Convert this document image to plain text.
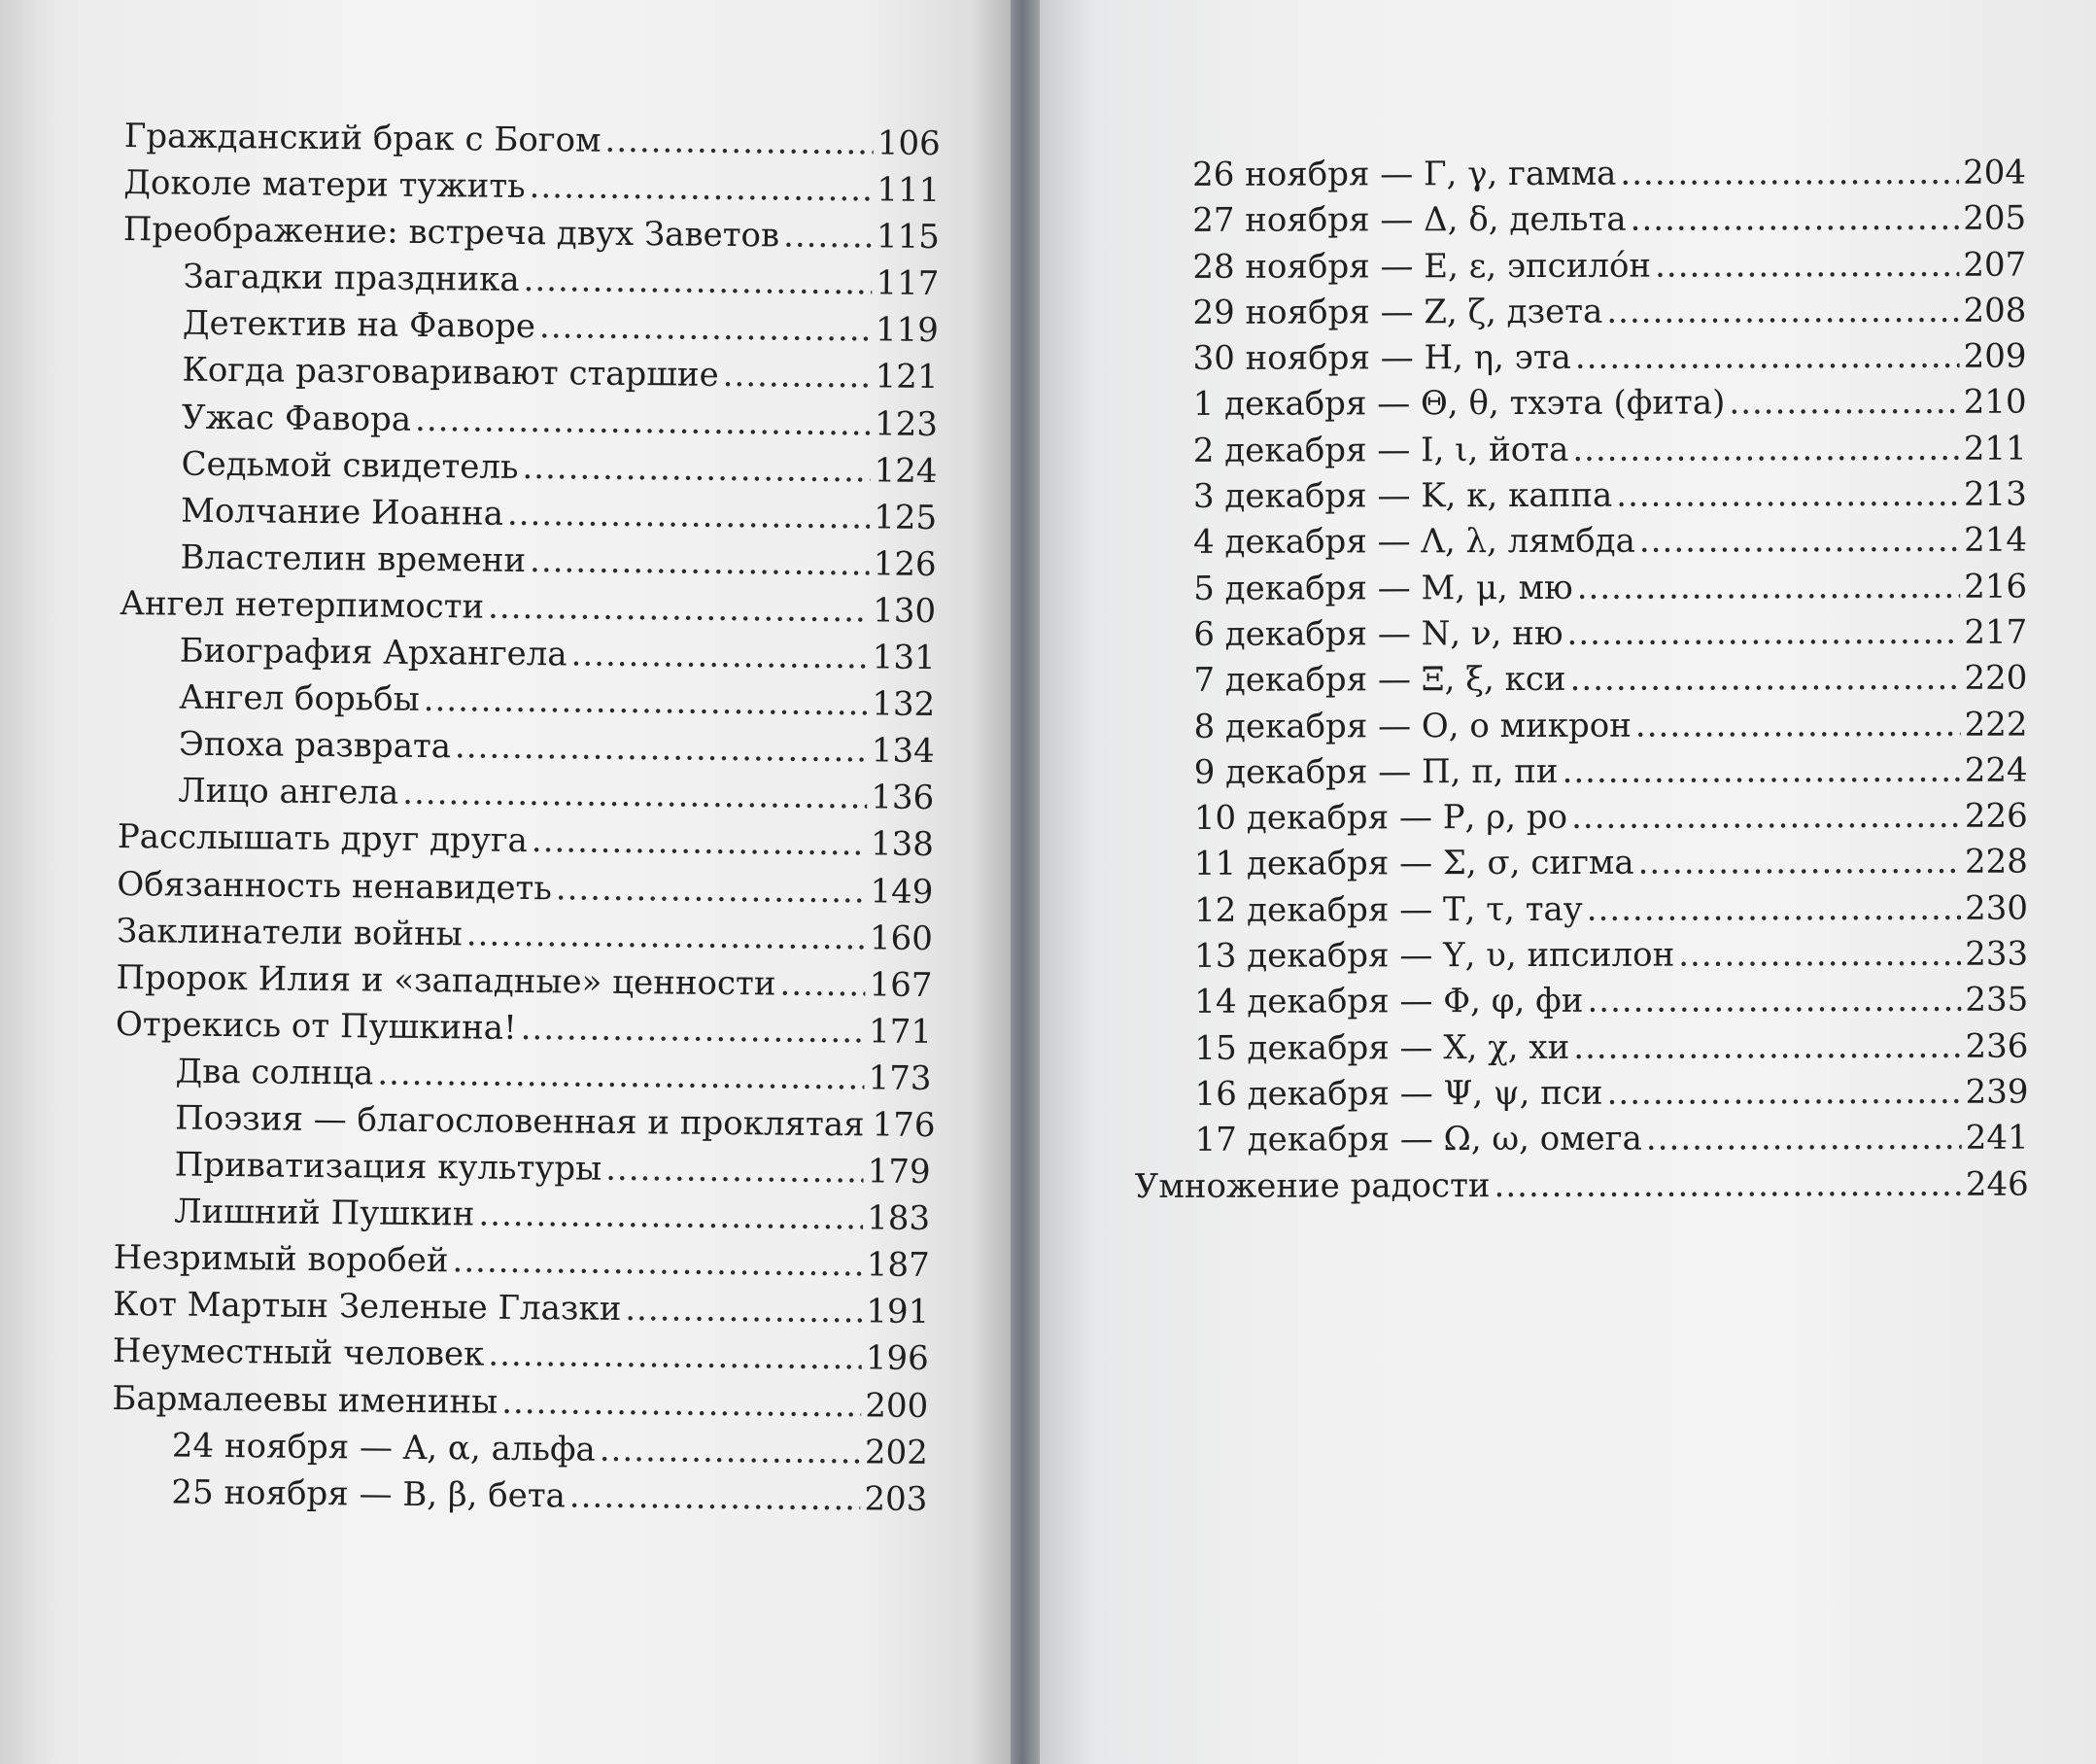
Гражданский брак с Богом .....	106
Доколе матери тужить .....	111
Преображение: встреча двух Заветов .....	115
Загадки праздника .....	117
Детектив на Фаворе .....	119
Когда разговаривают старшие .....	121
Ужас Фавора .....	123
Седьмой свидетель .....	124
Молчание Иоанна .....	125
Властелин времени .....	126
Ангел нетерпимости .....	130
Биография Архангела .....	131
Ангел борьбы .....	132
Эпоха разврата .....	134
Лицо ангела .....	136
Расслышать друг друга .....	138
Обязанность ненавидеть .....	149
Заклинатели войны .....	160
Пророк Илия и «западные» ценности .....	167
Отрекись от Пушкина! .....	171
Два солнца .....	173
Поэзия — благословенная и проклятая ..... 176
Приватизация культуры .....	179
Лишний Пушкин .....	183
Незримый воробей .....	187
Кот Мартын Зеленые Глазки .....	191
Неуместный человек .....	196
Бармалеевы именины .....	200
24 ноября — A, α, альфа .....	202
25 ноября — B, β, бета .....	203
26 ноября — Γ, γ, гамма .....	204
27 ноября — Δ, δ, дельта .....	205
28 ноября — Ε, ε, эпсило́н .....	207
29 ноября — Ζ, ζ, дзета .....	208
30 ноября — Η, η, эта .....	209
1 декабря — Θ, θ, тхэта (фита) .....	210
2 декабря — Ι, ι, йота .....	211
3 декабря — Κ, κ, каппа .....	213
4 декабря — Λ, λ, лямбда .....	214
5 декабря — Μ, μ, мю .....	216
6 декабря — Ν, ν, ню .....	217
7 декабря — Ξ, ξ, кси .....	220
8 декабря — Ο, ο микрон .....	222
9 декабря — Π, π, пи .....	224
10 декабря — Ρ, ρ, ро .....	226
11 декабря — Σ, σ, сигма .....	228
12 декабря — Τ, τ, тау .....	230
13 декабря — Υ, υ, ипсилон .....	233
14 декабря — Φ, φ, фи .....	235
15 декабря — Χ, χ, хи .....	236
16 декабря — Ψ, ψ, пси .....	239
17 декабря — Ω, ω, омега .....	241
Умножение радости .....	246
